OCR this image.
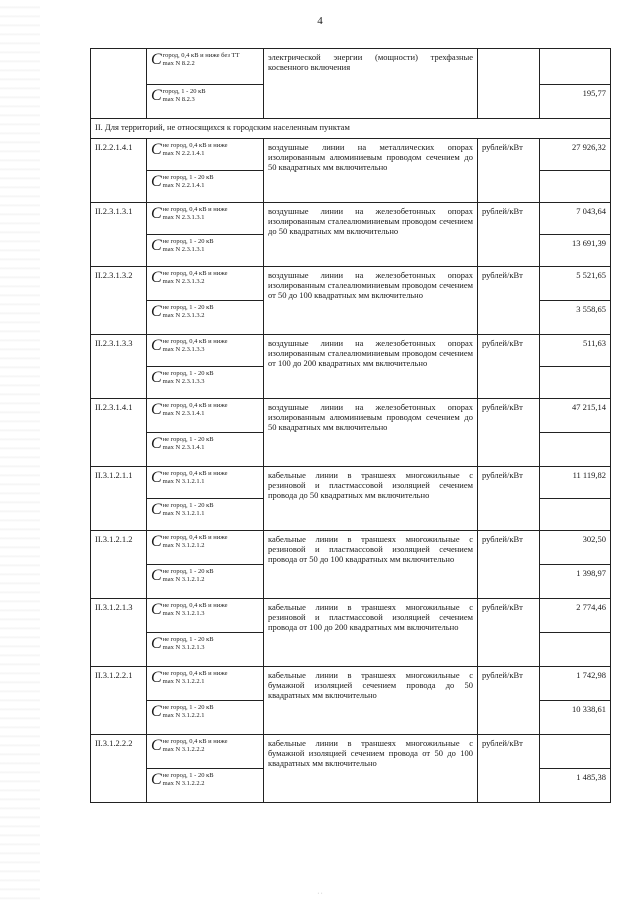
4

	C город, 0,4 кВ и ниже без ТТ
max N 8.2.2	электрической энергии (мощности) трехфазные косвенного включения		

	C город, 1 - 20 кВ
max N 8.2.3			195,77
II. Для территорий, не относящихся к городским населенным пунктам				
II.2.2.1.4.1	C не город, 0,4 кВ и ниже
max N 2.2.1.4.1	воздушные линии на металлических опорах изолированным алюминиевым проводом сечением до 50 квадратных мм включительно	рублей/кВт	27 926,32

	C не город, 1 - 20 кВ
max N 2.2.1.4.1			

II.2.3.1.3.1	C не город, 0,4 кВ и ниже
max N 2.3.1.3.1	воздушные линии на железобетонных опорах изолированным сталеалюминиевым проводом сечением до 50 квадратных мм включительно	рублей/кВт	7 043,64

	C не город, 1 - 20 кВ
max N 2.3.1.3.1			13 691,39
II.2.3.1.3.2	C не город, 0,4 кВ и ниже
max N 2.3.1.3.2	воздушные линии на железобетонных опорах изолированным сталеалюминиевым проводом сечением от 50 до 100 квадратных мм включительно	рублей/кВт	5 521,65

	C не город, 1 - 20 кВ
max N 2.3.1.3.2			3 558,65
II.2.3.1.3.3	C не город, 0,4 кВ и ниже
max N 2.3.1.3.3	воздушные линии на железобетонных опорах изолированным сталеалюминиевым проводом сечением от 100 до 200 квадратных мм включительно	рублей/кВт	511,63

	C не город, 1 - 20 кВ
max N 2.3.1.3.3			

II.2.3.1.4.1	C не город, 0,4 кВ и ниже
max N 2.3.1.4.1	воздушные линии на железобетонных опорах изолированным алюминиевым проводом сечением до 50 квадратных мм включительно	рублей/кВт	47 215,14

	C не город, 1 - 20 кВ
max N 2.3.1.4.1			

II.3.1.2.1.1	C не город, 0,4 кВ и ниже
max N 3.1.2.1.1	кабельные линии в траншеях многожильные с резиновой и пластмассовой изоляцией сечением провода до 50 квадратных мм включительно	рублей/кВт	11 119,82

	C не город, 1 - 20 кВ
max N 3.1.2.1.1			

II.3.1.2.1.2	C не город, 0,4 кВ и ниже
max N 3.1.2.1.2	кабельные линии в траншеях многожильные с резиновой и пластмассовой изоляцией сечением провода от 50 до 100 квадратных мм включительно	рублей/кВт	302,50

	C не город, 1 - 20 кВ
max N 3.1.2.1.2			1 398,97
II.3.1.2.1.3	C не город, 0,4 кВ и ниже
max N 3.1.2.1.3	кабельные линии в траншеях многожильные с резиновой и пластмассовой изоляцией сечением провода от 100 до 200 квадратных мм включительно	рублей/кВт	2 774,46

	C не город, 1 - 20 кВ
max N 3.1.2.1.3			

II.3.1.2.2.1	C не город, 0,4 кВ и ниже
max N 3.1.2.2.1	кабельные линии в траншеях многожильные с бумажной изоляцией сечением провода до 50 квадратных мм включительно	рублей/кВт	1 742,98

	C не город, 1 - 20 кВ
max N 3.1.2.2.1			10 338,61
II.3.1.2.2.2	C не город, 0,4 кВ и ниже
max N 3.1.2.2.2	кабельные линии в траншеях многожильные с бумажной изоляцией сечением провода от 50 до 100 квадратных мм включительно	рублей/кВт	

	C не город, 1 - 20 кВ
max N 3.1.2.2.2			1 485,38
· ·
